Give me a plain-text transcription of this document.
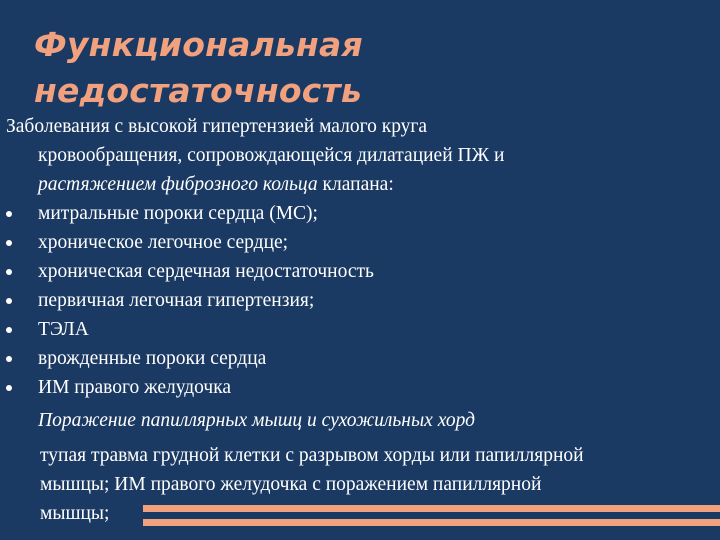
Функциональная
недостаточность

Заболевания с высокой гипертензией малого круга
кровообращения, сопровождающейся дилатацией ПЖ и
растяжением фиброзного кольца клапана:

митральные пороки сердца (МС);
хроническое легочное сердце;
хроническая сердечная недостаточность
первичная легочная гипертензия;
ТЭЛА
врожденные пороки сердца
ИМ правого желудочка

Поражение папиллярных мышц и сухожильных хорд

тупая травма грудной клетки с разрывом хорды или папиллярной
мышцы; ИМ правого желудочка с поражением папиллярной
мышцы;
